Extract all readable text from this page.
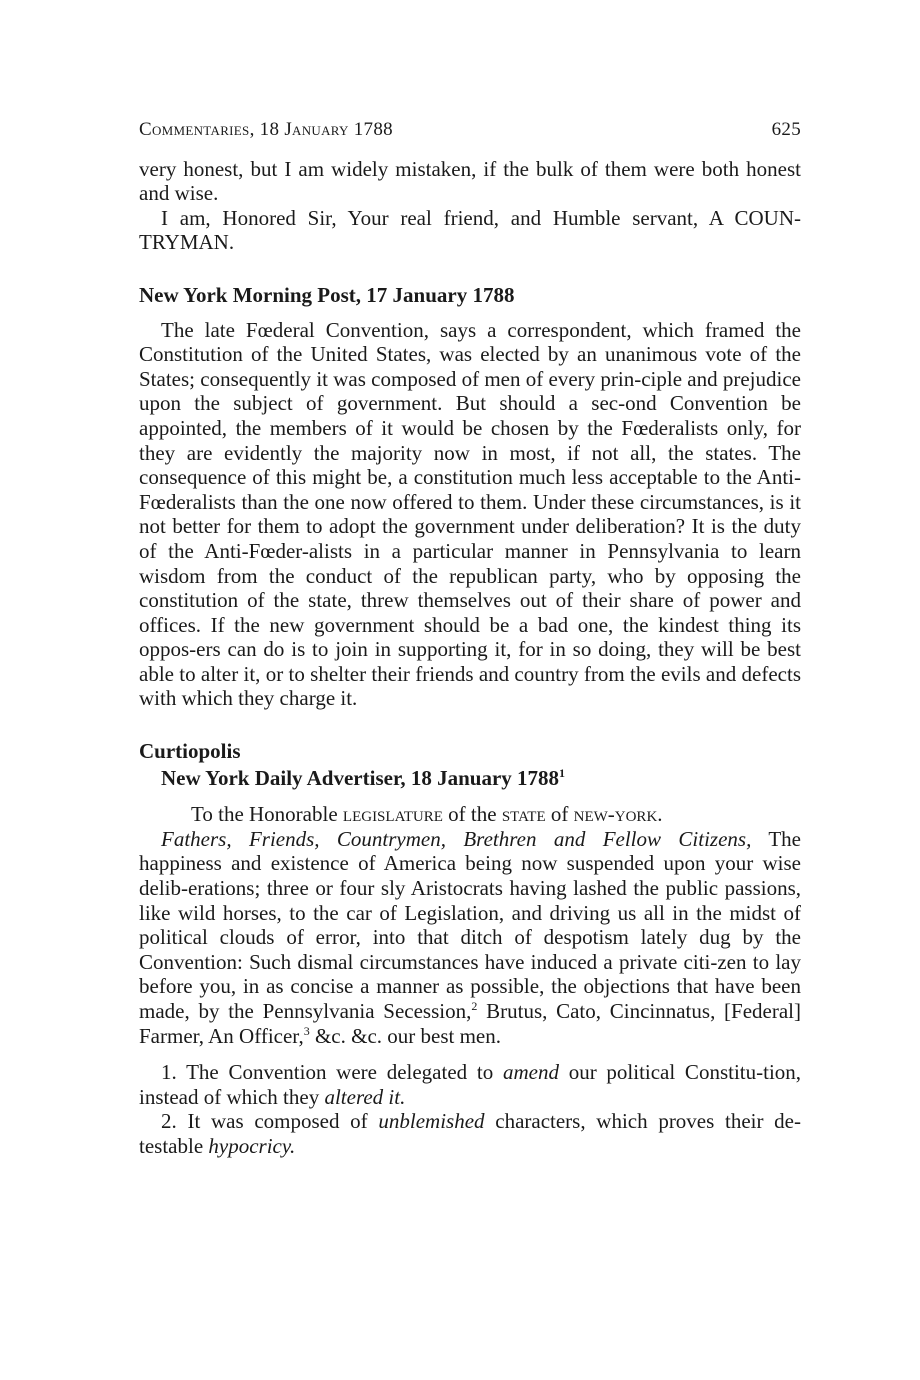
Commentaries, 18 January 1788	625

very honest, but I am widely mistaken, if the bulk of them were both honest and wise.

I am, Honored Sir, Your real friend, and Humble servant, A COUN-TRYMAN.

New York Morning Post, 17 January 1788

The late Fœderal Convention, says a correspondent, which framed the Constitution of the United States, was elected by an unanimous vote of the States; consequently it was composed of men of every prin-ciple and prejudice upon the subject of government. But should a sec-ond Convention be appointed, the members of it would be chosen by the Fœderalists only, for they are evidently the majority now in most, if not all, the states. The consequence of this might be, a constitution much less acceptable to the Anti-Fœderalists than the one now offered to them. Under these circumstances, is it not better for them to adopt the government under deliberation? It is the duty of the Anti-Fœder-alists in a particular manner in Pennsylvania to learn wisdom from the conduct of the republican party, who by opposing the constitution of the state, threw themselves out of their share of power and offices. If the new government should be a bad one, the kindest thing its oppos-ers can do is to join in supporting it, for in so doing, they will be best able to alter it, or to shelter their friends and country from the evils and defects with which they charge it.

Curtiopolis

New York Daily Advertiser, 18 January 1788$^1$

To the Honorable legislature of the state of new-york.

Fathers, Friends, Countrymen, Brethren and Fellow Citizens, The happiness and existence of America being now suspended upon your wise delib-erations; three or four sly Aristocrats having lashed the public passions, like wild horses, to the car of Legislation, and driving us all in the midst of political clouds of error, into that ditch of despotism lately dug by the Convention: Such dismal circumstances have induced a private citi-zen to lay before you, in as concise a manner as possible, the objections that have been made, by the Pennsylvania Secession,$^2$ Brutus, Cato, Cincinnatus, [Federal] Farmer, An Officer,$^3$ &c. &c. our best men.

1. The Convention were delegated to amend our political Constitu-tion, instead of which they altered it.

2. It was composed of unblemished characters, which proves their de-testable hypocricy.
